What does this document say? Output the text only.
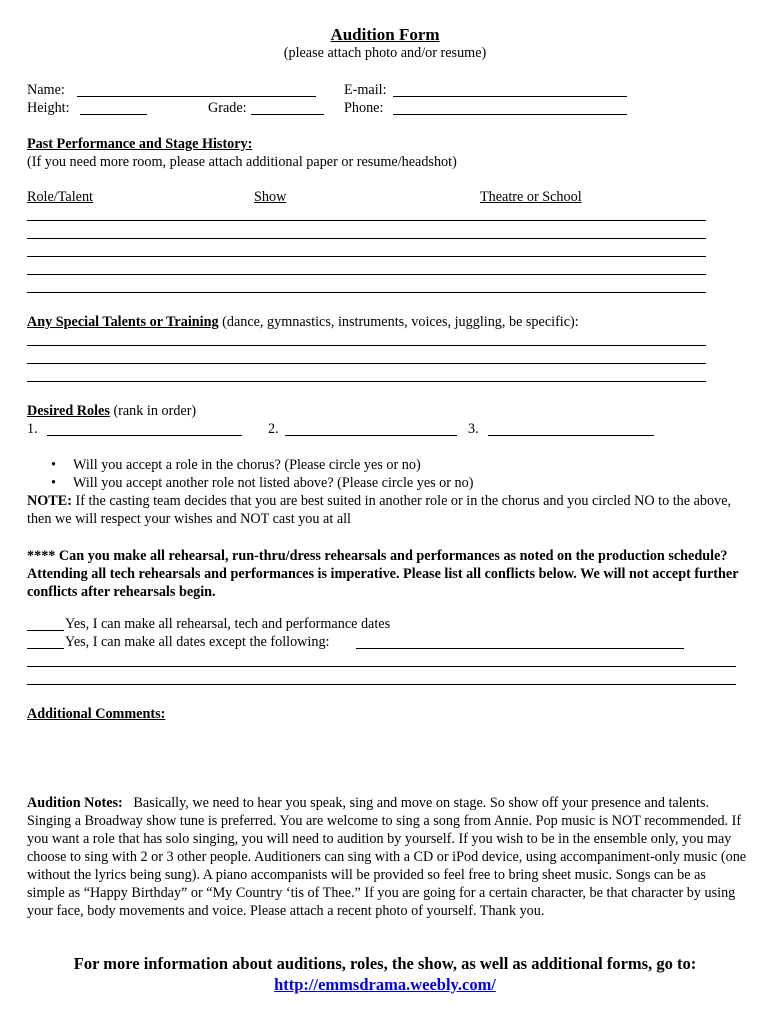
Audition Form
(please attach photo and/or resume)
Name:	E-mail:
Height:	Grade:	Phone:
Past Performance and Stage History:
(If you need more room, please attach additional paper or resume/headshot)
Role/Talent	Show	Theatre or School
Any Special Talents or Training (dance, gymnastics, instruments, voices, juggling, be specific):
Desired Roles (rank in order)
1.	2.	3.
• Will you accept a role in the chorus? (Please circle yes or no)
• Will you accept another role not listed above? (Please circle yes or no)
NOTE: If the casting team decides that you are best suited in another role or in the chorus and you circled NO to the above, then we will respect your wishes and NOT cast you at all
**** Can you make all rehearsal, run-thru/dress rehearsals and performances as noted on the production schedule? Attending all tech rehearsals and performances is imperative. Please list all conflicts below. We will not accept further conflicts after rehearsals begin.
Yes, I can make all rehearsal, tech and performance dates
Yes, I can make all dates except the following:
Additional Comments:
Audition Notes: Basically, we need to hear you speak, sing and move on stage. So show off your presence and talents. Singing a Broadway show tune is preferred. You are welcome to sing a song from Annie. Pop music is NOT recommended. If you want a role that has solo singing, you will need to audition by yourself. If you wish to be in the ensemble only, you may choose to sing with 2 or 3 other people. Auditioners can sing with a CD or iPod device, using accompaniment-only music (one without the lyrics being sung). A piano accompanists will be provided so feel free to bring sheet music. Songs can be as simple as “Happy Birthday” or “My Country ‘tis of Thee.” If you are going for a certain character, be that character by using your face, body movements and voice. Please attach a recent photo of yourself. Thank you.
For more information about auditions, roles, the show, as well as additional forms, go to:
http://emmsdrama.weebly.com/
